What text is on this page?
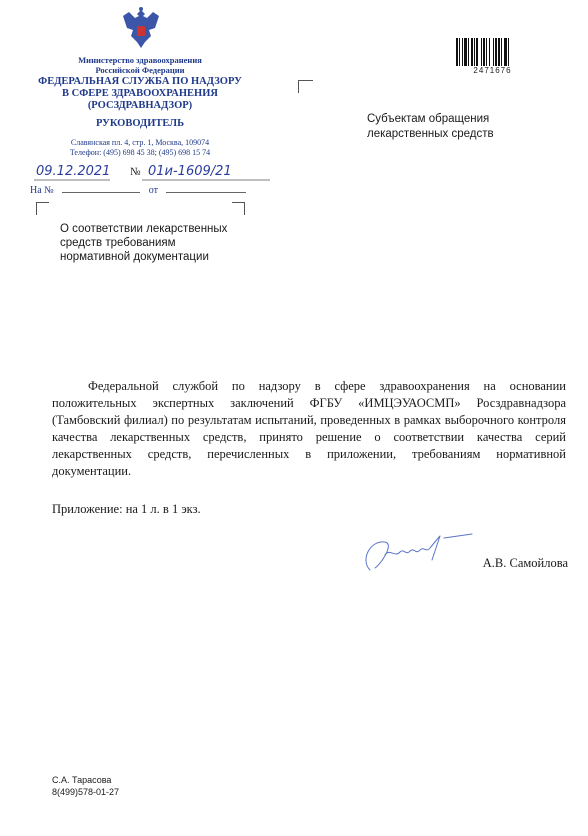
Министерство здравоохранения
Российской Федерации
ФЕДЕРАЛЬНАЯ СЛУЖБА ПО НАДЗОРУ
В СФЕРЕ ЗДРАВООХРАНЕНИЯ
(РОСЗДРАВНАДЗОР)
РУКОВОДИТЕЛЬ
Славянская пл. 4, стр. 1, Москва, 109074
Телефон: (495) 698 45 38; (495) 698 15 74
09.12.2021 № 01и-1609/21
На №	от
О соответствии лекарственных
средств требованиям
нормативной документации
Субъектам обращения
лекарственных средств
2471676
Федеральной службой по надзору в сфере здравоохранения на основании положительных экспертных заключений ФГБУ «ИМЦЭУАОСМП» Росздравнадзора (Тамбовский филиал) по результатам испытаний, проведенных в рамках выборочного контроля качества лекарственных средств, принято решение о соответствии качества серий лекарственных средств, перечисленных в приложении, требованиям нормативной документации.
Приложение: на 1 л. в 1 экз.
А.В. Самойлова
С.А. Тарасова
8(499)578-01-27
